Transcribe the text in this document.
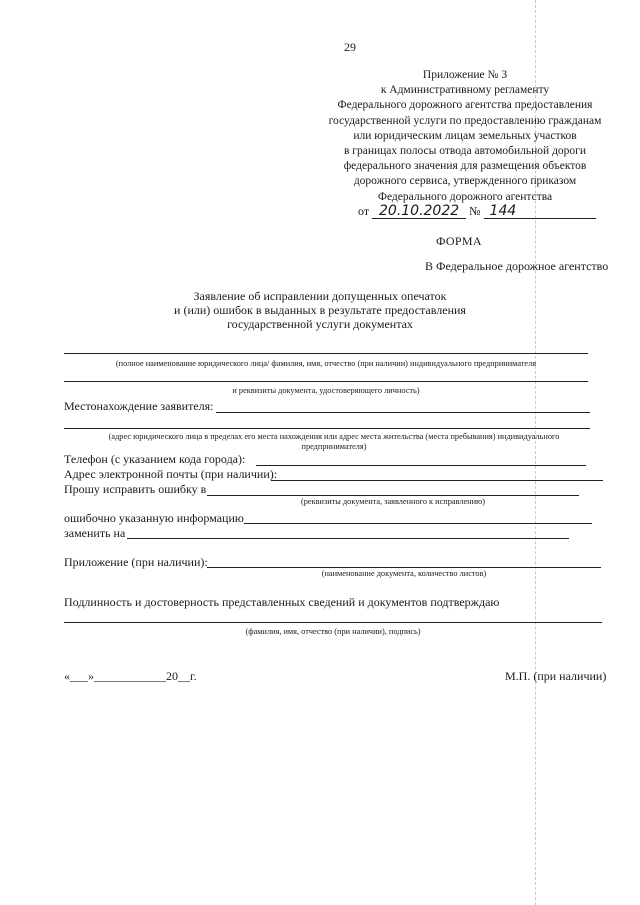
29
Приложение № 3
к Административному регламенту
Федерального дорожного агентства предоставления
государственной услуги по предоставлению гражданам
или юридическим лицам земельных участков
в границах полосы отвода автомобильной дороги
федерального значения для размещения объектов
дорожного сервиса, утвержденного приказом
Федерального дорожного агентства
от 20.10.2022 № 144
ФОРМА
В Федеральное дорожное агентство
Заявление об исправлении допущенных опечаток
и (или) ошибок в выданных в результате предоставления
государственной услуги документах
(полное наименование юридического лица/ фамилия, имя, отчество (при наличии) индивидуального предпринимателя
и реквизиты документа, удостоверяющего личность)
Местонахождение заявителя:
(адрес юридического лица в пределах его места нахождения или адрес места жительства (места пребывания) индивидуального
предпринимателя)
Телефон (с указанием кода города):
Адрес электронной почты (при наличии):
Прошу исправить ошибку в
(реквизиты документа, заявленного к исправлению)
ошибочно указанную информацию
заменить на
Приложение (при наличии):
(наименование документа, количество листов)
Подлинность и достоверность представленных сведений и документов подтверждаю
(фамилия, имя, отчество (при наличии), подпись)
«___»____________20__г.	М.П. (при наличии)
